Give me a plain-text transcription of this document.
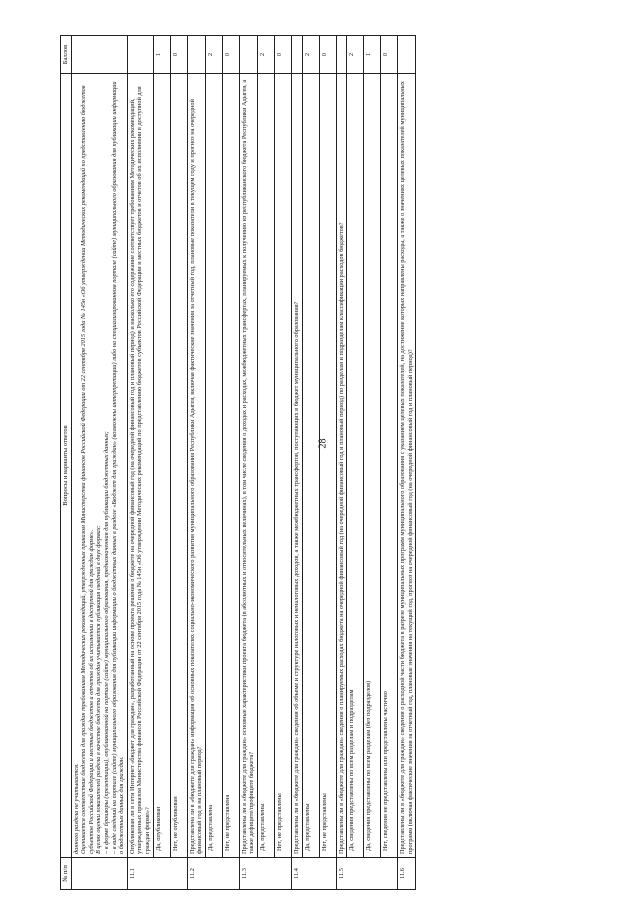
28
№ п/п	Вопросы и варианты ответов	Баллов

	данного раздела не учитывается. Оценивается соответствие бюджета для граждан требованиям Методических рекомендаций, утвержденных приказом Министерства финансов Российской Федерации от 22 сентября 2015 года № 145н «Об утверждении Методических рекомендаций по представлению бюджетов субъектов Российской Федерации и местных бюджетов и отчетов об их исполнении в доступной для граждан форме». В целях оценки показателей раздела в качестве бюджета для граждан учитывается публикация сведений в двух формах: – в форме брошюры (презентации), опубликованной на портале (сайте) муниципального образования, предназначенная для публикации бюджетных данных; – в виде сведений на портале (сайте) муниципального образования для публикации информации о бюджетных данных в разделе «Бюджет для граждан» (возможны интерпретации) либо на специализированном портале (сайте) муниципального образования для публикации информации о бюджетных данных для граждан.	

11.1	Опубликован ли в сети Интернет «бюджет для граждан», разработанный на основе проекта решения о бюджете на очередной финансовый год (на очередной финансовый год и плановый период) и насколько его содержание соответствует требованиям Методических рекомендаций, утвержденных приказом Министерства финансов Российской Федерации от 22 сентября 2015 года № 145н «Об утверждении Методических рекомендаций по представлению бюджетов субъектов Российской Федерации и местных бюджетов и отчетов об их исполнении в доступной для граждан форме»?	
	Да, опубликован	1
	Нет, не опубликован	0
11.2	Представлена ли в «бюджете для граждан» информация об основных показателях социально-экономического развития муниципального образования Республики Адыгея, включая фактические значения за отчетный год, плановые показатели в текущем году и прогноз на очередной финансовый год и на плановый период?	
	Да, представлена	2
	Нет, не представлена	0
11.3	Представлены ли в «бюджете для граждан» основные характеристики проекта бюджета (в абсолютных и относительных величинах), в том числе сведения о доходах и расходах, межбюджетных трансфертах, планируемых к получению из республиканского бюджета Республики Адыгея, а также дефиците/профиците бюджета?	
	Да, представлены	2
	Нет, не представлены	0
11.4	Представлены ли в «бюджете для граждан» сведения об объеме и структуре налоговых и неналоговых доходов, а также межбюджетных трансфертов, поступающих в бюджет муниципального образования?	
	Да, представлены	2
	Нет, не представлены	0
11.5	Представлены ли в «бюджете для граждан» сведения о планируемых расходах бюджета на очередной финансовый год (на очередной финансовый год и плановый период) по разделам и подразделам классификации расходов бюджетов?	
	Да, сведения представлены по всем разделам и подразделам	2
	Да, сведения представлены по всем разделам (без подразделов)	1
	Нет, сведения не представлены или представлены частично	0
11.6	Представлены ли в «бюджете для граждан» сведения о расходной части бюджета в разрезе муниципальных программ муниципального образования с указанием целевых показателей, на достижение которых направлены расходы, а также о значениях целевых показателей муниципальных программ (включая фактические значения за отчетный год, плановые значения на текущий год, прогноз на очередной финансовый год (на очередной финансовый год и плановый период)?	
